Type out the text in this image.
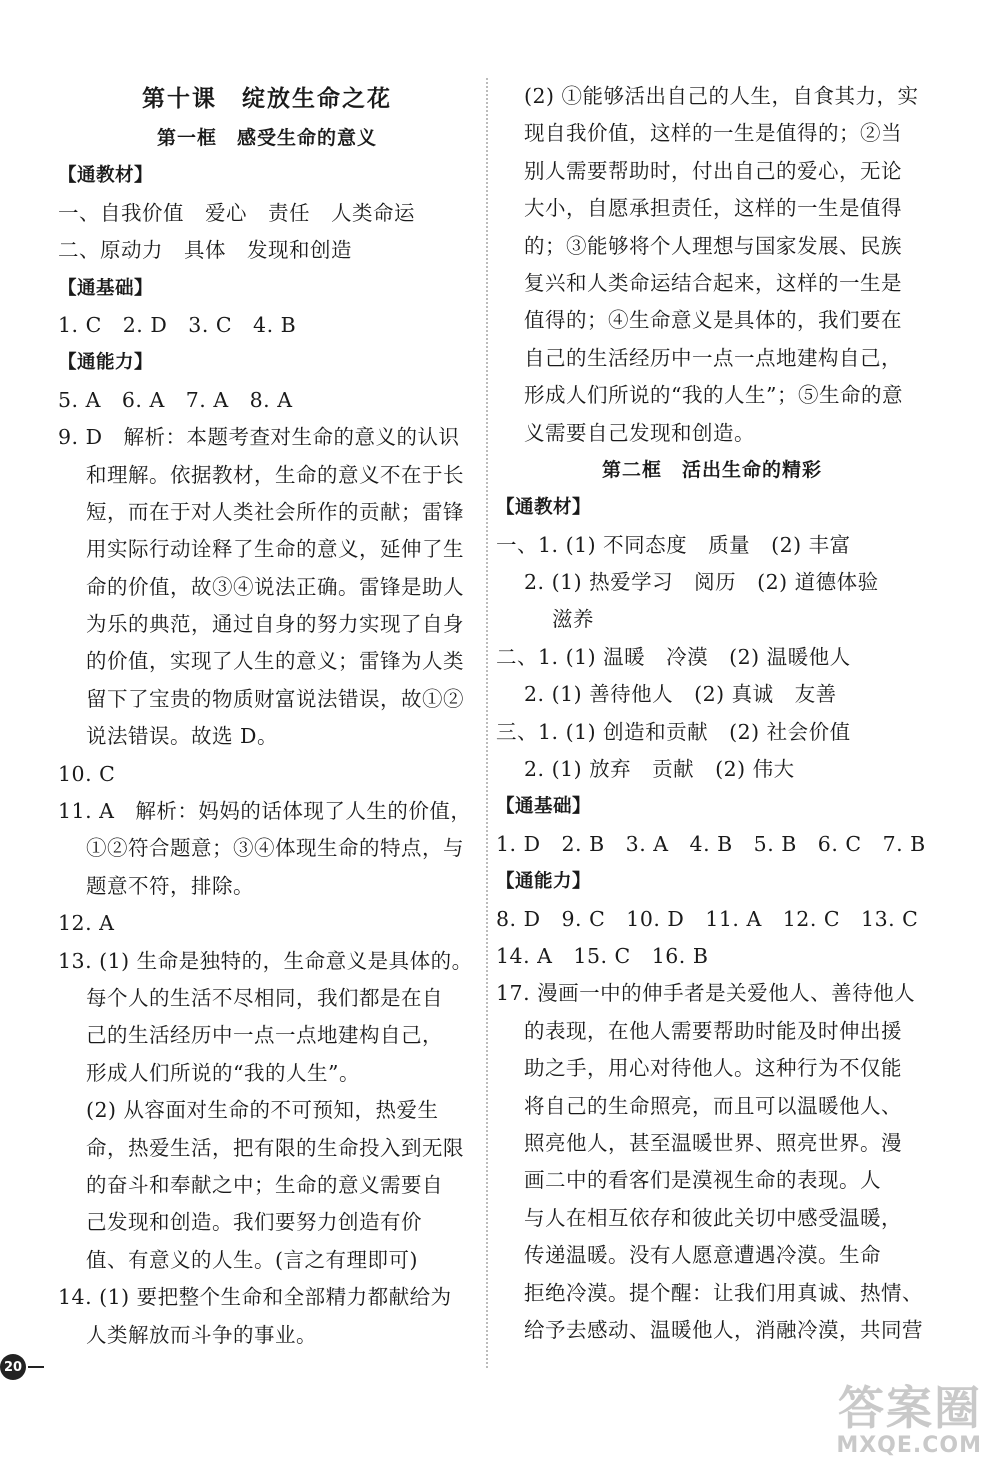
第十课　绽放生命之花
第一框　感受生命的意义
【通教材】
一、自我价值　爱心　责任　人类命运
二、原动力　具体　发现和创造
【通基础】
1. C　2. D　3. C　4. B
【通能力】
5. A　6. A　7. A　8. A
9. D　解析：本题考查对生命的意义的认识
和理解。依据教材，生命的意义不在于长
短，而在于对人类社会所作的贡献；雷锋
用实际行动诠释了生命的意义，延伸了生
命的价值，故③④说法正确。雷锋是助人
为乐的典范，通过自身的努力实现了自身
的价值，实现了人生的意义；雷锋为人类
留下了宝贵的物质财富说法错误，故①②
说法错误。故选 D。
10. C
11. A　解析：妈妈的话体现了人生的价值，
①②符合题意；③④体现生命的特点，与
题意不符，排除。
12. A
13. (1) 生命是独特的，生命意义是具体的。
每个人的生活不尽相同，我们都是在自
己的生活经历中一点一点地建构自己，
形成人们所说的“我的人生”。
(2) 从容面对生命的不可预知，热爱生
命，热爱生活，把有限的生命投入到无限
的奋斗和奉献之中；生命的意义需要自
己发现和创造。我们要努力创造有价
值、有意义的人生。(言之有理即可)
14. (1) 要把整个生命和全部精力都献给为
人类解放而斗争的事业。
(2) ①能够活出自己的人生，自食其力，实
现自我价值，这样的一生是值得的；②当
别人需要帮助时，付出自己的爱心，无论
大小，自愿承担责任，这样的一生是值得
的；③能够将个人理想与国家发展、民族
复兴和人类命运结合起来，这样的一生是
值得的；④生命意义是具体的，我们要在
自己的生活经历中一点一点地建构自己，
形成人们所说的“我的人生”；⑤生命的意
义需要自己发现和创造。
第二框　活出生命的精彩
【通教材】
一、1. (1) 不同态度　质量　(2) 丰富
2. (1) 热爱学习　阅历　(2) 道德体验
滋养
二、1. (1) 温暖　冷漠　(2) 温暖他人
2. (1) 善待他人　(2) 真诚　友善
三、1. (1) 创造和贡献　(2) 社会价值
2. (1) 放弃　贡献　(2) 伟大
【通基础】
1. D　2. B　3. A　4. B　5. B　6. C　7. B
【通能力】
8. D　9. C　10. D　11. A　12. C　13. C
14. A　15. C　16. B
17. 漫画一中的伸手者是关爱他人、善待他人
的表现，在他人需要帮助时能及时伸出援
助之手，用心对待他人。这种行为不仅能
将自己的生命照亮，而且可以温暖他人、
照亮他人，甚至温暖世界、照亮世界。漫
画二中的看客们是漠视生命的表现。人
与人在相互依存和彼此关切中感受温暖，
传递温暖。没有人愿意遭遇冷漠。生命
拒绝冷漠。提个醒：让我们用真诚、热情、
给予去感动、温暖他人，消融冷漠，共同营
20
答案圈
MXQE.COM
